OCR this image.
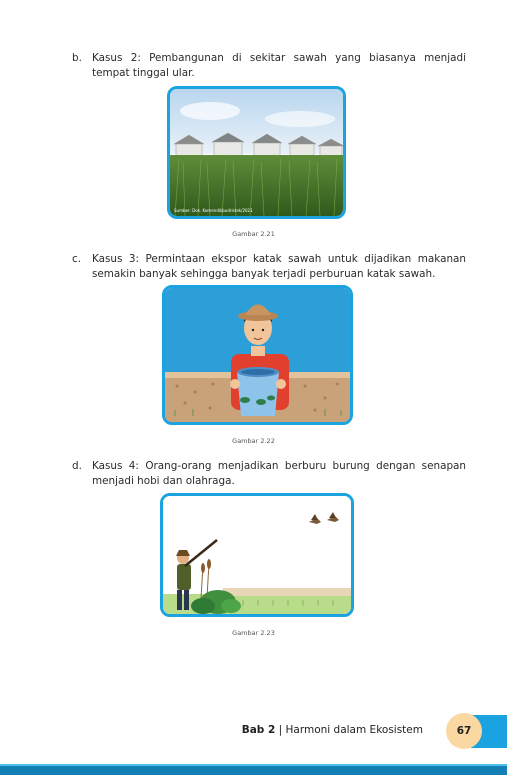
b. Kasus 2: Pembangunan di sekitar sawah yang biasanya menjadi tempat tinggal ular.
Sumber: Dok. Kemendikbudristek/2021
Gambar 2.21
c. Kasus 3: Permintaan ekspor katak sawah untuk dijadikan makanan semakin banyak sehingga banyak terjadi perburuan katak sawah.
Gambar 2.22
d. Kasus 4: Orang-orang menjadikan berburu burung dengan senapan menjadi hobi dan olahraga.
Gambar 2.23
Bab 2 | Harmoni dalam Ekosistem	67
